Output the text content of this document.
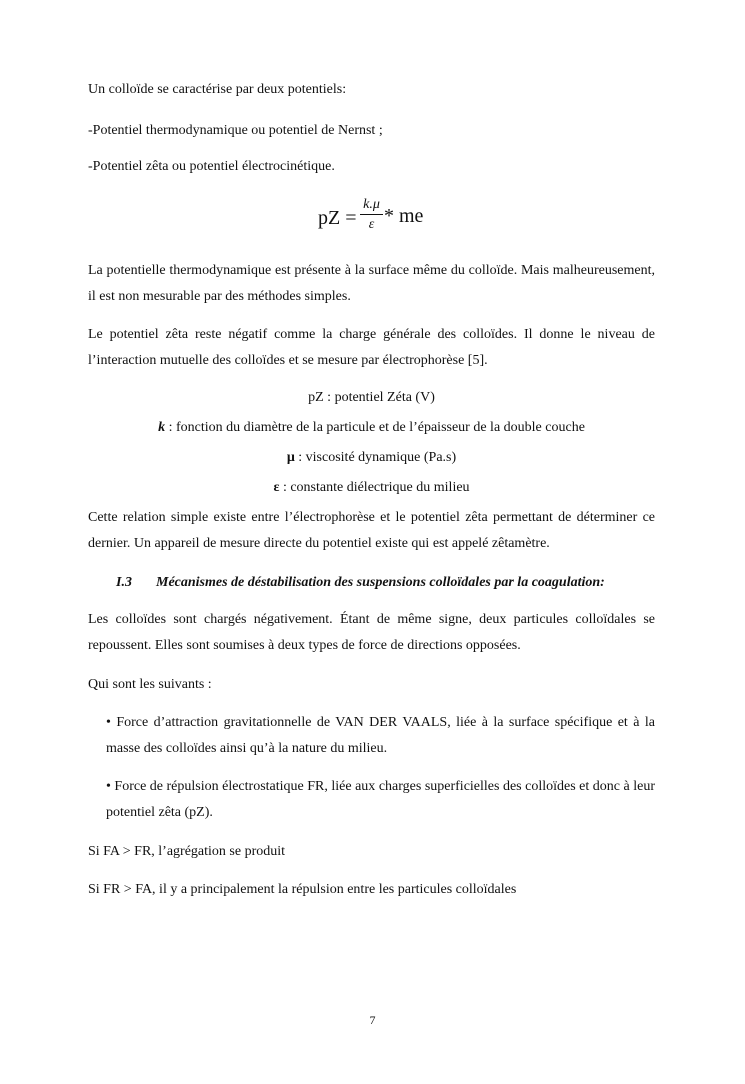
Un colloïde se caractérise par deux potentiels:
-Potentiel thermodynamique ou potentiel de Nernst ;
-Potentiel zêta ou potentiel électrocinétique.
pZ =
k.μ
ε * me
La potentielle thermodynamique est présente à la surface même du colloïde. Mais malheureusement, il est non mesurable par des méthodes simples.
Le potentiel zêta reste négatif comme la charge générale des colloïdes. Il donne le niveau de l’interaction mutuelle des colloïdes et se mesure par électrophorèse [5].
pZ : potentiel Zéta (V)
k : fonction du diamètre de la particule et de l’épaisseur de la double couche
μ : viscosité dynamique (Pa.s)
ε : constante diélectrique du milieu
Cette relation simple existe entre l’électrophorèse et le potentiel zêta permettant de déterminer ce dernier. Un appareil de mesure directe du potentiel existe qui est appelé zêtamètre.
I.3 Mécanismes de déstabilisation des suspensions colloïdales par la coagulation:
Les colloïdes sont chargés négativement. Étant de même signe, deux particules colloïdales se repoussent. Elles sont soumises à deux types de force de directions opposées.
Qui sont les suivants :
• Force d’attraction gravitationnelle de VAN DER VAALS, liée à la surface spécifique et à la masse des colloïdes ainsi qu’à la nature du milieu.
• Force de répulsion électrostatique FR, liée aux charges superficielles des colloïdes et donc à leur potentiel zêta (pZ).
Si FA > FR, l’agrégation se produit
Si FR > FA, il y a principalement la répulsion entre les particules colloïdales
7
